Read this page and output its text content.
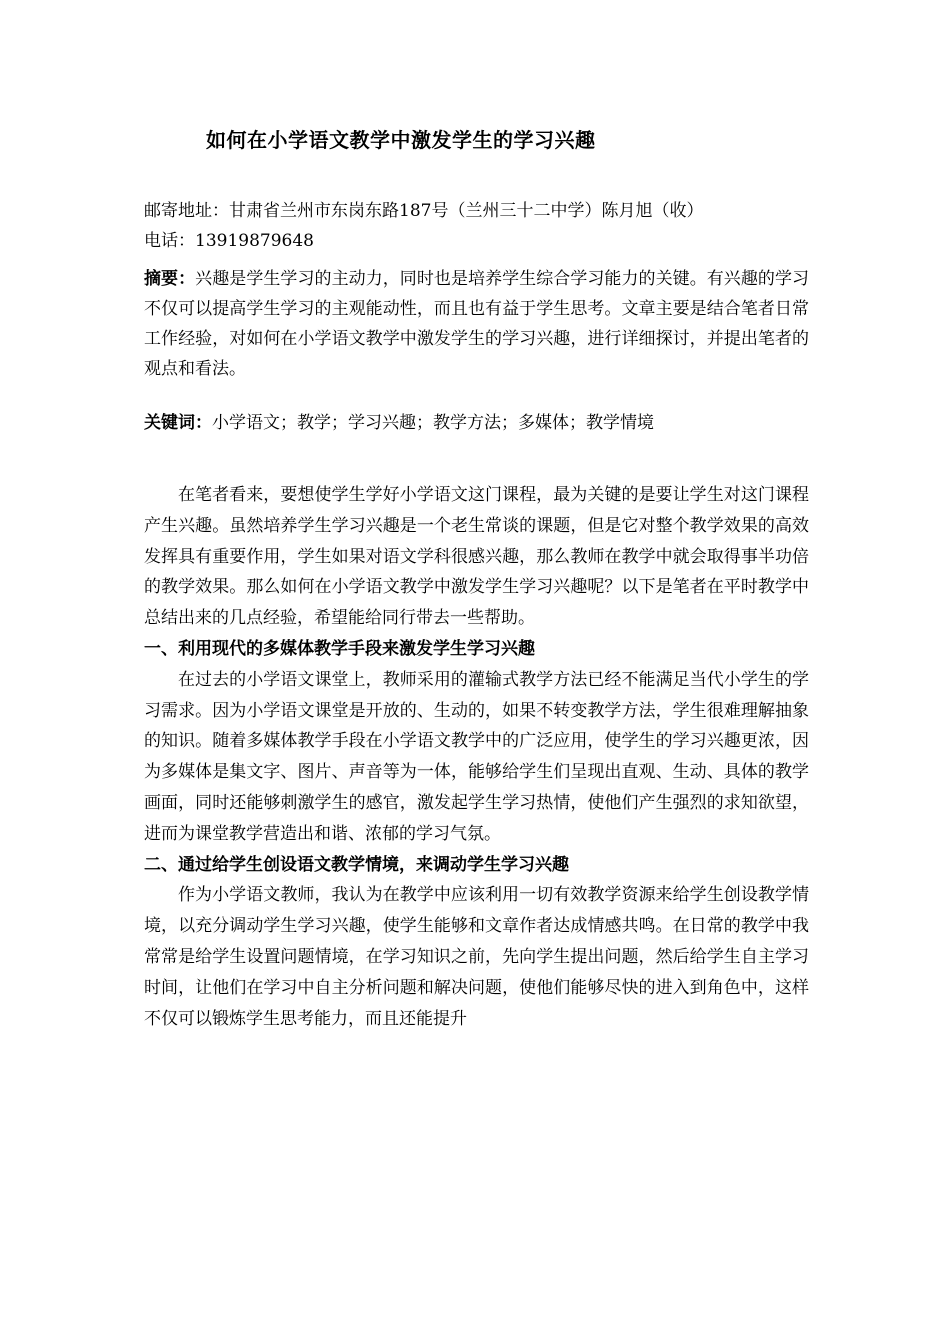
如何在小学语文教学中激发学生的学习兴趣
邮寄地址：甘肃省兰州市东岗东路187号（兰州三十二中学）陈月旭（收）
电话：13919879648
摘要：兴趣是学生学习的主动力，同时也是培养学生综合学习能力的关键。有兴趣的学习不仅可以提高学生学习的主观能动性，而且也有益于学生思考。文章主要是结合笔者日常工作经验，对如何在小学语文教学中激发学生的学习兴趣，进行详细探讨，并提出笔者的观点和看法。
关键词：小学语文；教学；学习兴趣；教学方法；多媒体；教学情境

在笔者看来，要想使学生学好小学语文这门课程，最为关键的是要让学生对这门课程产生兴趣。虽然培养学生学习兴趣是一个老生常谈的课题，但是它对整个教学效果的高效发挥具有重要作用，学生如果对语文学科很感兴趣，那么教师在教学中就会取得事半功倍的教学效果。那么如何在小学语文教学中激发学生学习兴趣呢？以下是笔者在平时教学中总结出来的几点经验，希望能给同行带去一些帮助。

一、利用现代的多媒体教学手段来激发学生学习兴趣

在过去的小学语文课堂上，教师采用的灌输式教学方法已经不能满足当代小学生的学习需求。因为小学语文课堂是开放的、生动的，如果不转变教学方法，学生很难理解抽象的知识。随着多媒体教学手段在小学语文教学中的广泛应用，使学生的学习兴趣更浓，因为多媒体是集文字、图片、声音等为一体，能够给学生们呈现出直观、生动、具体的教学画面，同时还能够刺激学生的感官，激发起学生学习热情，使他们产生强烈的求知欲望，进而为课堂教学营造出和谐、浓郁的学习气氛。

二、通过给学生创设语文教学情境，来调动学生学习兴趣

作为小学语文教师，我认为在教学中应该利用一切有效教学资源来给学生创设教学情境，以充分调动学生学习兴趣，使学生能够和文章作者达成情感共鸣。在日常的教学中我常常是给学生设置问题情境，在学习知识之前，先向学生提出问题，然后给学生自主学习时间，让他们在学习中自主分析问题和解决问题，使他们能够尽快的进入到角色中，这样不仅可以锻炼学生思考能力，而且还能提升
